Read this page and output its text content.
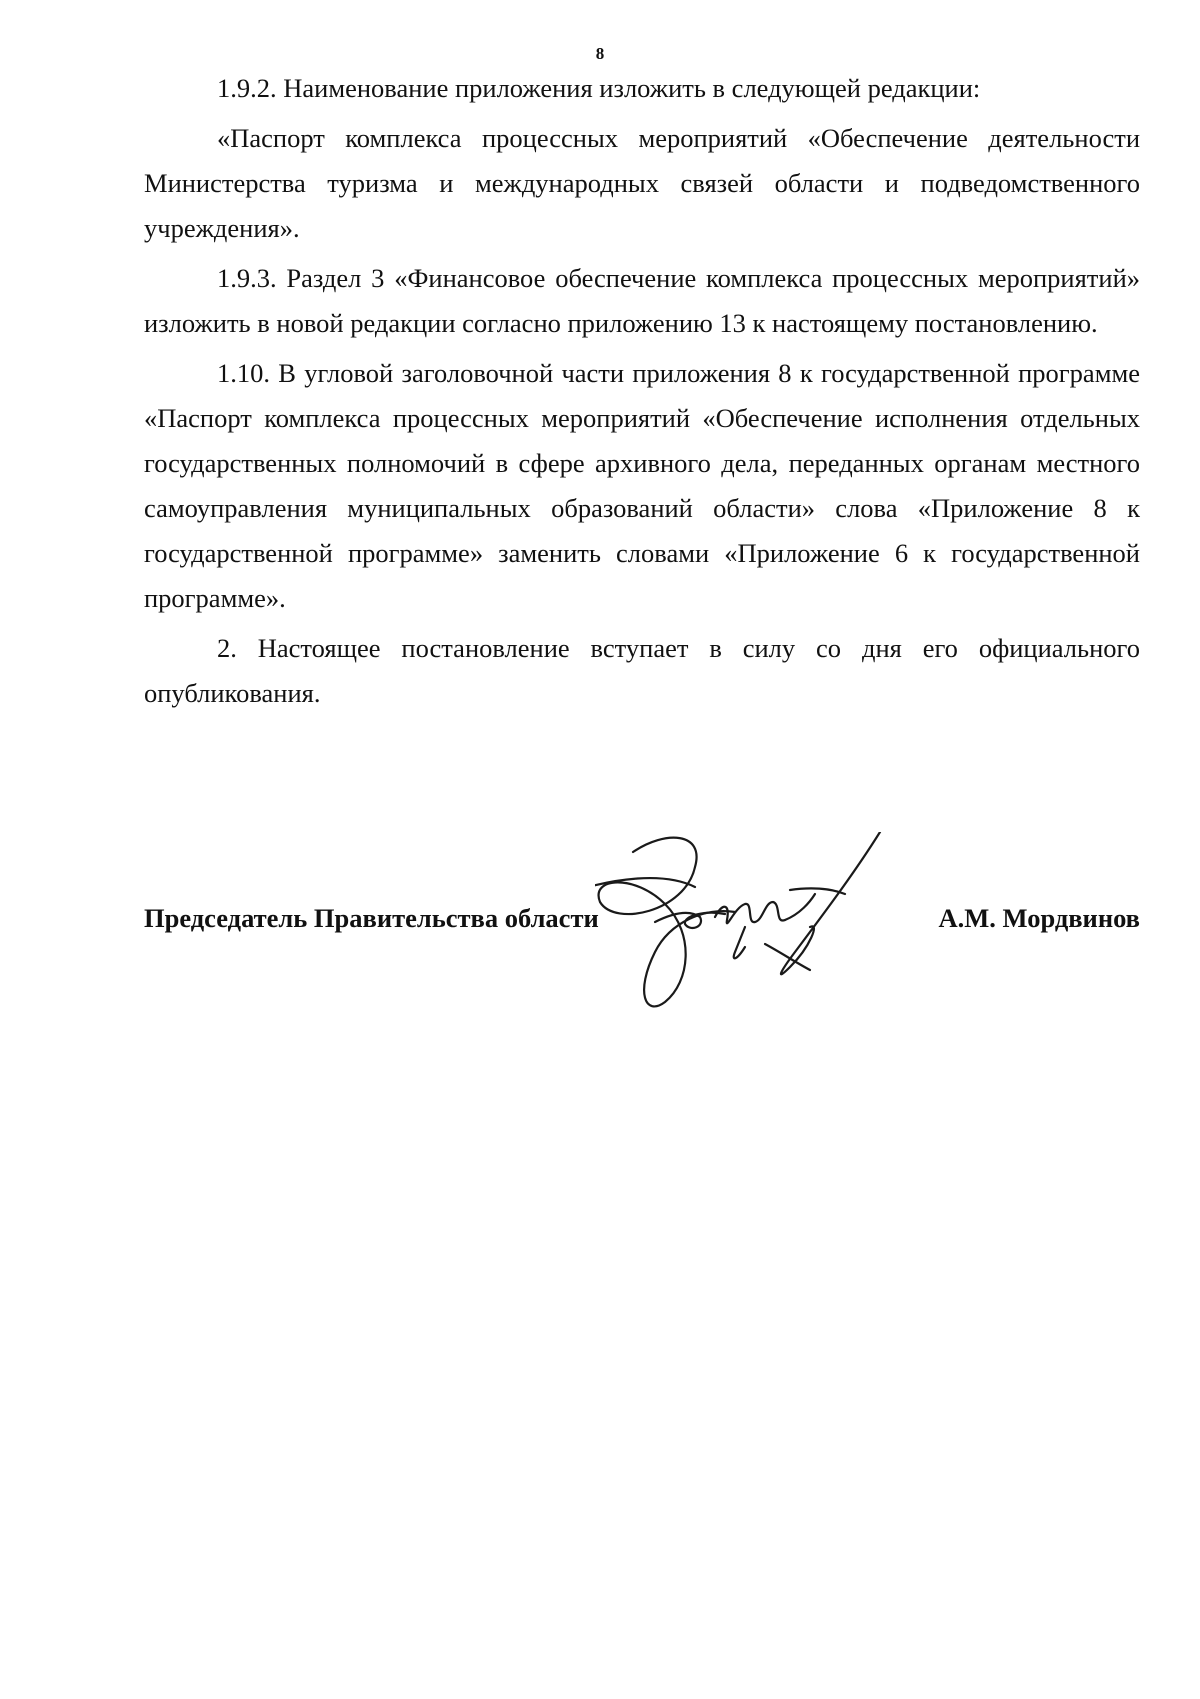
8

1.9.2. Наименование приложения изложить в следующей редакции:

«Паспорт комплекса процессных мероприятий «Обеспечение деятельности Министерства туризма и международных связей области и подведомственного учреждения».

1.9.3. Раздел 3 «Финансовое обеспечение комплекса процессных мероприятий» изложить в новой редакции согласно приложению 13 к настоящему постановлению.

1.10. В угловой заголовочной части приложения 8 к государственной программе «Паспорт комплекса процессных мероприятий «Обеспечение исполнения отдельных государственных полномочий в сфере архивного дела, переданных органам местного самоуправления муниципальных образований области» слова «Приложение 8 к государственной программе» заменить словами «Приложение 6 к государственной программе».

2. Настоящее постановление вступает в силу со дня его официального опубликования.

Председатель Правительства области	А.М. Мордвинов
